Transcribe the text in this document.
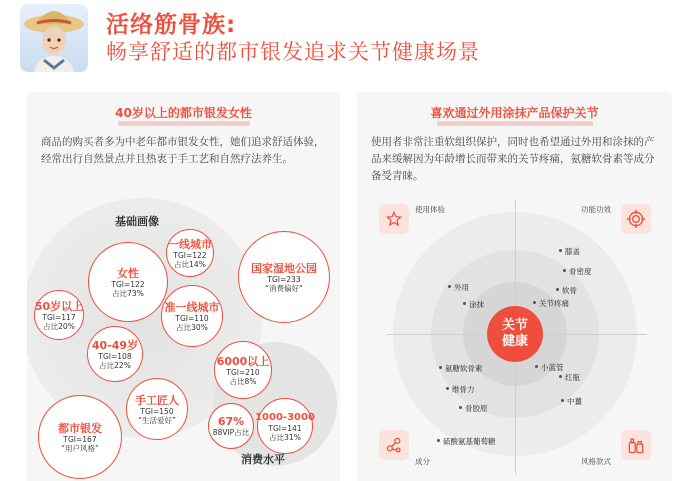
活络筋骨族:
畅享舒适的都市银发追求关节健康场景
40岁以上的都市银发女性
商品的购买者多为中老年都市银发女性，她们追求舒适体验，经常出行自然景点并且热衷于手工艺和自然疗法养生。
基础画像
消费水平
女性
TGI=122
占比73%
一线城市
TGI=122
占比14%	国家湿地公园
TGI=233
“消费偏好”
50岁以上
TGI=117
占比20%
准一线城市
TGI=110
占比30%
40-49岁
TGI=108
占比22%	6000以上
TGI=210
占比8%
手工匠人
TGI=150
“生活爱好”
都市银发
TGI=167
“用户风格”
67%
88VIP占比
1000-3000
TGI=141
占比31%
喜欢通过外用涂抹产品保护关节
使用者非常注重软组织保护，同时也希望通过外用和涂抹的产品来缓解因为年龄增长而带来的关节疼痛，氨糖软骨素等成分备受青睐。
关节
健康
使用体验	功能功效
成分	风格款式
膝盖
骨密度
软骨
关节疼痛
外用
涂抹
氨糖软骨素
维骨力
骨胶原
小蓝管
红瓶
中薑
硫酸氨基葡萄糖
